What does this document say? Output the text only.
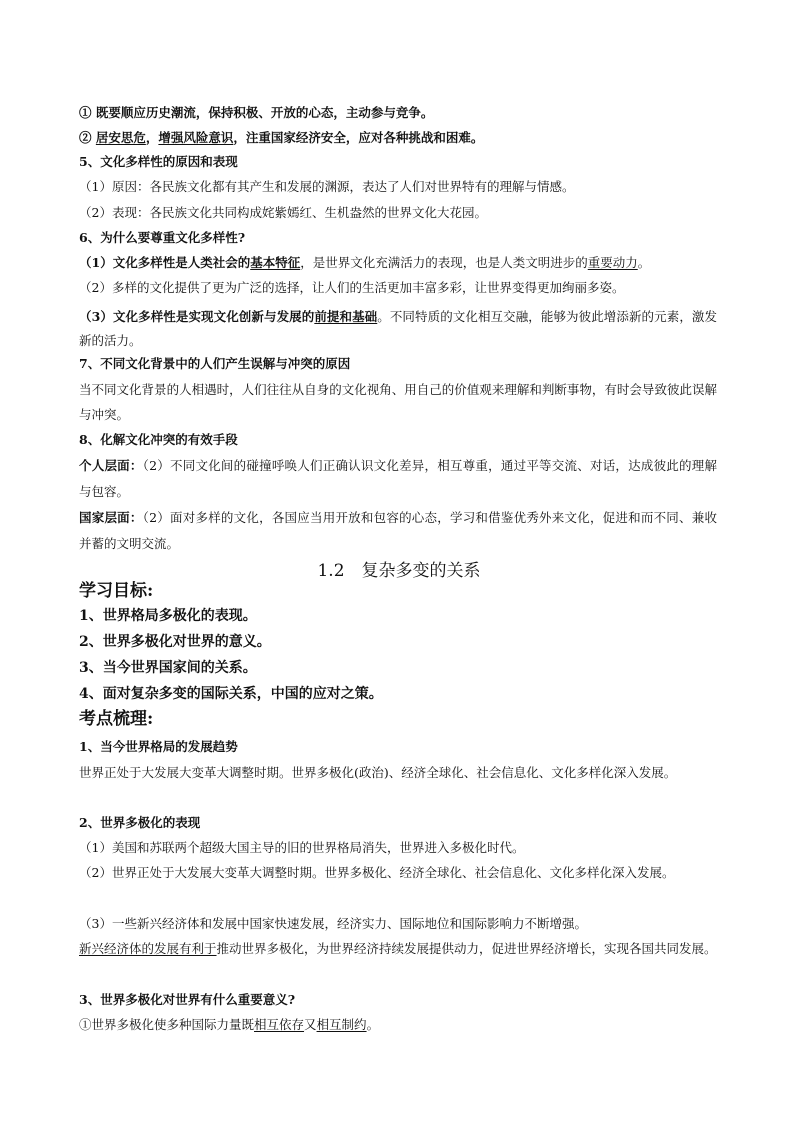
① 既要顺应历史潮流，保持积极、开放的心态，主动参与竞争。

② 居安思危，增强风险意识，注重国家经济安全，应对各种挑战和困难。

5、文化多样性的原因和表现

（1）原因：各民族文化都有其产生和发展的渊源，表达了人们对世界特有的理解与情感。

（2）表现：各民族文化共同构成姹紫嫣红、生机盎然的世界文化大花园。

6、为什么要尊重文化多样性?

（1）文化多样性是人类社会的基本特征，是世界文化充满活力的表现，也是人类文明进步的重要动力。

（2）多样的文化提供了更为广泛的选择，让人们的生活更加丰富多彩，让世界变得更加绚丽多姿。

（3）文化多样性是实现文化创新与发展的前提和基础。不同特质的文化相互交融，能够为彼此增添新的元素，激发新的活力。

7、不同文化背景中的人们产生误解与冲突的原因

当不同文化背景的人相遇时，人们往往从自身的文化视角、用自己的价值观来理解和判断事物，有时会导致彼此误解与冲突。

8、化解文化冲突的有效手段

个人层面：（2）不同文化间的碰撞呼唤人们正确认识文化差异，相互尊重，通过平等交流、对话，达成彼此的理解与包容。

国家层面：（2）面对多样的文化，各国应当用开放和包容的心态，学习和借鉴优秀外来文化，促进和而不同、兼收并蓄的文明交流。

1.2　复杂多变的关系

学习目标:

1、世界格局多极化的表现。

2、世界多极化对世界的意义。

3、当今世界国家间的关系。

4、面对复杂多变的国际关系，中国的应对之策。

考点梳理:

1、当今世界格局的发展趋势

世界正处于大发展大变革大调整时期。世界多极化(政治)、经济全球化、社会信息化、文化多样化深入发展。

2、世界多极化的表现

（1）美国和苏联两个超级大国主导的旧的世界格局消失，世界进入多极化时代。

（2）世界正处于大发展大变革大调整时期。世界多极化、经济全球化、社会信息化、文化多样化深入发展。

（3）一些新兴经济体和发展中国家快速发展，经济实力、国际地位和国际影响力不断增强。

新兴经济体的发展有利于推动世界多极化，为世界经济持续发展提供动力，促进世界经济增长，实现各国共同发展。

3、世界多极化对世界有什么重要意义?

①世界多极化使多种国际力量既相互依存又相互制约。
